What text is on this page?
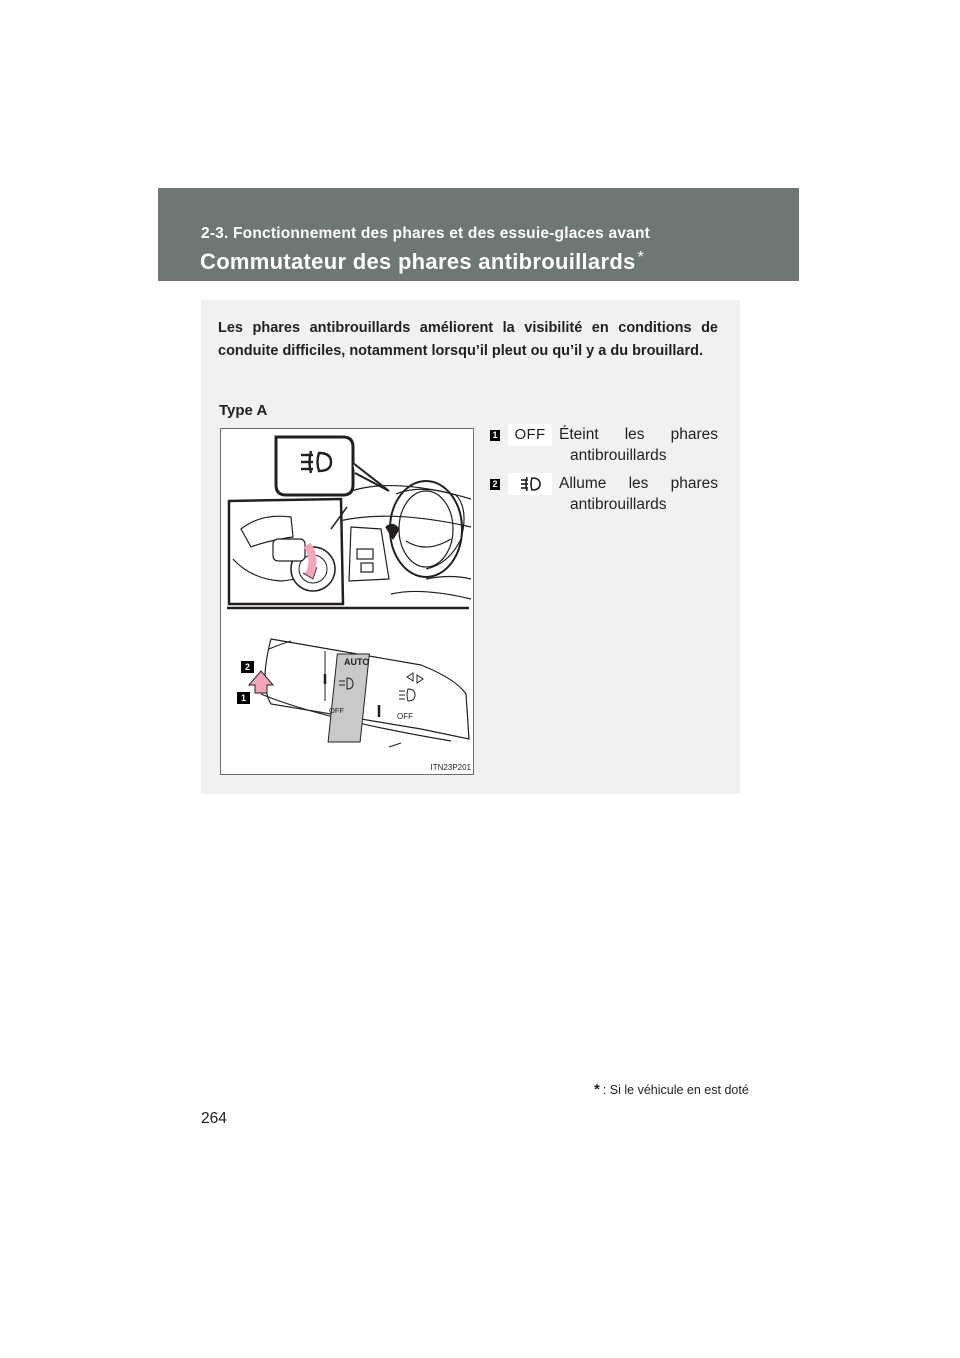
2-3. Fonctionnement des phares et des essuie-glaces avant
Commutateur des phares antibrouillards *
Les phares antibrouillards améliorent la visibilité en conditions de conduite difficiles, notamment lorsqu’il pleut ou qu’il y a du brouillard.
Type A
AUTO
OFF
OFF
2
1
ITN23P201
1	OFF Éteint les phares
antibrouillards
2	Allume les phares
antibrouillards
* : Si le véhicule en est doté
264
